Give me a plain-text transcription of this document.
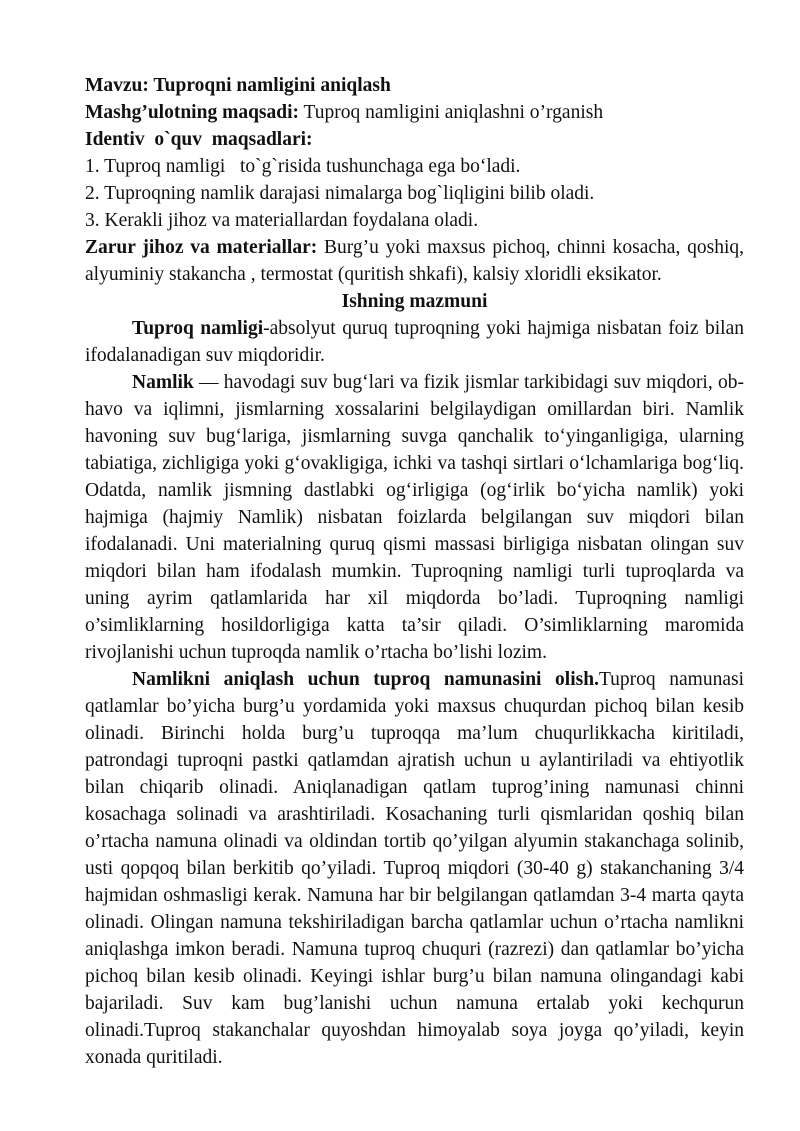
Mavzu: Tuproqni namligini aniqlash

Mashg’ulotning maqsadi: Tuproq namligini aniqlashni o’rganish

Identiv  o`quv  maqsadlari:

1. Tuproq namligi   to`g`risida tushunchaga ega bo‘ladi.

2. Tuproqning namlik darajasi nimalarga bog`liqligini bilib oladi.

3. Kerakli jihoz va materiallardan foydalana oladi.

Zarur jihoz va materiallar: Burg’u yoki maxsus pichoq, chinni kosacha, qoshiq, alyuminiy stakancha , termostat (quritish shkafi), kalsiy xloridli eksikator.

Ishning mazmuni

Tuproq namligi-absolyut quruq tuproqning yoki hajmiga nisbatan foiz bilan ifodalanadigan suv miqdoridir.

Namlik — havodagi suv bug‘lari va fizik jismlar tarkibidagi suv miqdori, ob-havo va iqlimni, jismlarning xossalarini belgilaydigan omillardan biri. Namlik havoning suv bug‘lariga, jismlarning suvga qanchalik to‘yinganligiga, ularning tabiatiga, zichligiga yoki g‘ovakligiga, ichki va tashqi sirtlari o‘lchamlariga bog‘liq. Odatda, namlik jismning dastlabki og‘irligiga (og‘irlik bo‘yicha namlik) yoki hajmiga (hajmiy Namlik) nisbatan foizlarda belgilangan suv miqdori bilan ifodalanadi. Uni materialning quruq qismi massasi birligiga nisbatan olingan suv miqdori bilan ham ifodalash mumkin. Tuproqning namligi turli tuproqlarda va uning ayrim qatlamlarida har xil miqdorda bo’ladi. Tuproqning namligi o’simliklarning hosildorligiga katta ta’sir qiladi. O’simliklarning maromida rivojlanishi uchun tuproqda namlik o’rtacha bo’lishi lozim.

Namlikni aniqlash uchun tuproq namunasini olish.Tuproq namunasi qatlamlar bo’yicha burg’u yordamida yoki maxsus chuqurdan pichoq bilan kesib olinadi. Birinchi holda burg’u tuproqqa ma’lum chuqurlikkacha kiritiladi, patrondagi tuproqni pastki qatlamdan ajratish uchun u aylantiriladi va ehtiyotlik bilan chiqarib olinadi. Aniqlanadigan qatlam tuprog’ining namunasi chinni kosachaga solinadi va arashtiriladi. Kosachaning turli qismlaridan qoshiq bilan o’rtacha namuna olinadi va oldindan tortib qo’yilgan alyumin stakanchaga solinib, usti qopqoq bilan berkitib qo’yiladi. Tuproq miqdori (30-40 g) stakanchaning 3/4 hajmidan oshmasligi kerak. Namuna har bir belgilangan qatlamdan 3-4 marta qayta olinadi. Olingan namuna tekshiriladigan barcha qatlamlar uchun o’rtacha namlikni aniqlashga imkon beradi. Namuna tuproq chuquri (razrezi) dan qatlamlar bo’yicha pichoq bilan kesib olinadi. Keyingi ishlar burg’u bilan namuna olingandagi kabi bajariladi. Suv kam bug’lanishi uchun namuna ertalab yoki kechqurun olinadi.Tuproq stakanchalar quyoshdan himoyalab soya joyga qo’yiladi, keyin xonada quritiladi.
